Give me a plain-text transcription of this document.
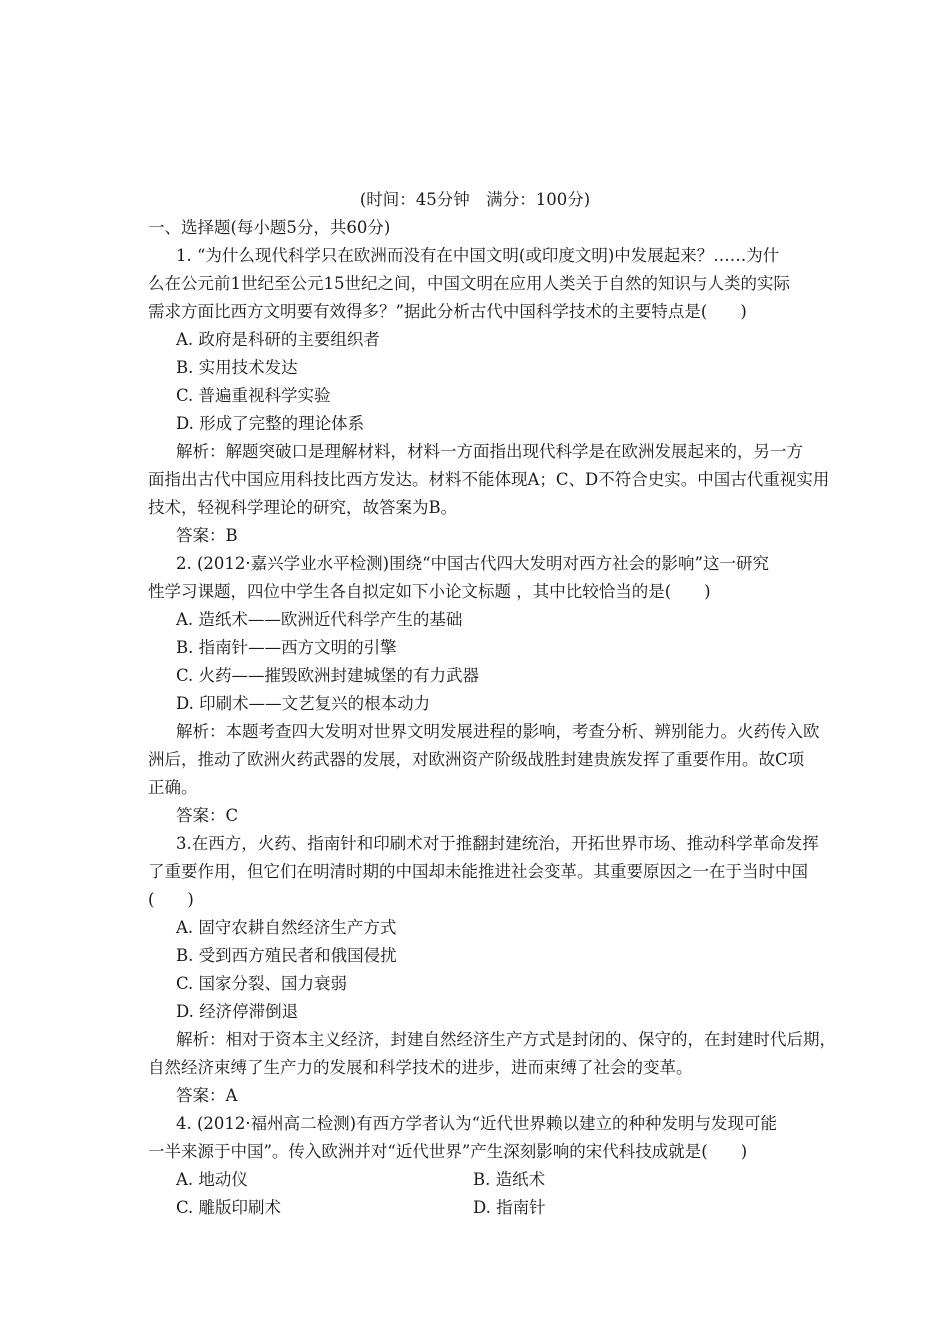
(时间：45分钟　满分：100分)
一、选择题(每小题5分，共60分)
1. “为什么现代科学只在欧洲而没有在中国文明(或印度文明)中发展起来？……为什
么在公元前1世纪至公元15世纪之间，中国文明在应用人类关于自然的知识与人类的实际
需求方面比西方文明要有效得多？”据此分析古代中国科学技术的主要特点是(　　)
A. 政府是科研的主要组织者
B. 实用技术发达
C. 普遍重视科学实验
D. 形成了完整的理论体系
解析：解题突破口是理解材料，材料一方面指出现代科学是在欧洲发展起来的，另一方
面指出古代中国应用科技比西方发达。材料不能体现A；C、D不符合史实。中国古代重视实用
技术，轻视科学理论的研究，故答案为B。
答案：B
2. (2012·嘉兴学业水平检测)围绕“中国古代四大发明对西方社会的影响”这一研究
性学习课题，四位中学生各自拟定如下小论文标题 ，其中比较恰当的是(　　)
A. 造纸术——欧洲近代科学产生的基础
B. 指南针——西方文明的引擎
C. 火药——摧毁欧洲封建城堡的有力武器
D. 印刷术——文艺复兴的根本动力
解析：本题考查四大发明对世界文明发展进程的影响，考查分析、辨别能力。火药传入欧
洲后，推动了欧洲火药武器的发展，对欧洲资产阶级战胜封建贵族发挥了重要作用。故C项
正确。
答案：C
3.在西方，火药、指南针和印刷术对于推翻封建统治，开拓世界市场、推动科学革命发挥
了重要作用，但它们在明清时期的中国却未能推进社会变革。其重要原因之一在于当时中国
(　　)
A. 固守农耕自然经济生产方式
B. 受到西方殖民者和俄国侵扰
C. 国家分裂、国力衰弱
D. 经济停滞倒退
解析：相对于资本主义经济，封建自然经济生产方式是封闭的、保守的，在封建时代后期，
自然经济束缚了生产力的发展和科学技术的进步，进而束缚了社会的变革。
答案：A
4. (2012·福州高二检测)有西方学者认为“近代世界赖以建立的种种发明与发现可能
一半来源于中国”。传入欧洲并对“近代世界”产生深刻影响的宋代科技成就是(　　)
A. 地动仪	B. 造纸术
C. 雕版印刷术	D. 指南针
